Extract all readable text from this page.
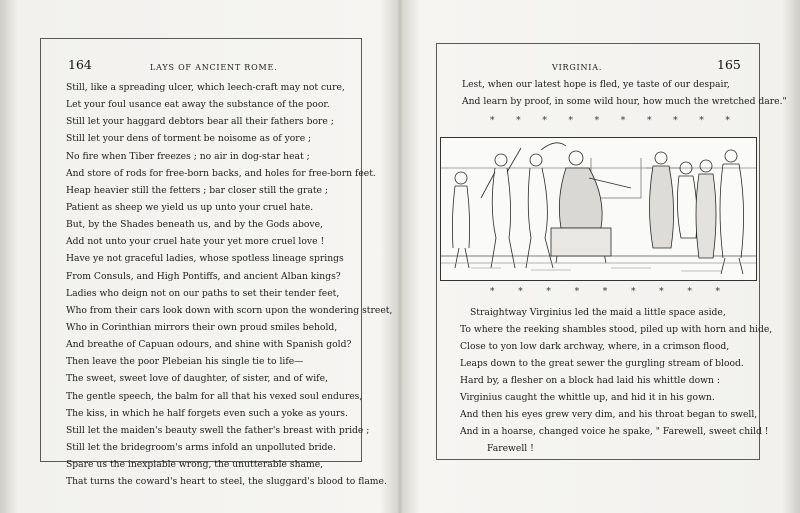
164	LAYS OF ANCIENT ROME.
Still, like a spreading ulcer, which leech-craft may not cure,
Let your foul usance eat away the substance of the poor.
Still let your haggard debtors bear all their fathers bore ;
Still let your dens of torment be noisome as of yore ;
No fire when Tiber freezes ; no air in dog-star heat ;
And store of rods for free-born backs, and holes for free-born feet.
Heap heavier still the fetters ; bar closer still the grate ;
Patient as sheep we yield us up unto your cruel hate.
But, by the Shades beneath us, and by the Gods above,
Add not unto your cruel hate your yet more cruel love !
Have ye not graceful ladies, whose spotless lineage springs
From Consuls, and High Pontiffs, and ancient Alban kings?
Ladies who deign not on our paths to set their tender feet,
Who from their cars look down with scorn upon the wondering street,
Who in Corinthian mirrors their own proud smiles behold,
And breathe of Capuan odours, and shine with Spanish gold?
Then leave the poor Plebeian his single tie to life—
The sweet, sweet love of daughter, of sister, and of wife,
The gentle speech, the balm for all that his vexed soul endures,
The kiss, in which he half forgets even such a yoke as yours.
Still let the maiden's beauty swell the father's breast with pride ;
Still let the bridegroom's arms infold an unpolluted bride.
Spare us the inexpiable wrong, the unutterable shame,
That turns the coward's heart to steel, the sluggard's blood to flame.
VIRGINIA.	165
Lest, when our latest hope is fled, ye taste of our despair,
And learn by proof, in some wild hour, how much the wretched dare."
* * * * * * * * * *
*	*	*	*	*	*	*	*	*
Straightway Virginius led the maid a little space aside,
To where the reeking shambles stood, piled up with horn and hide,
Close to yon low dark archway, where, in a crimson flood,
Leaps down to the great sewer the gurgling stream of blood.
Hard by, a flesher on a block had laid his whittle down :
Virginius caught the whittle up, and hid it in his gown.
And then his eyes grew very dim, and his throat began to swell,
And in a hoarse, changed voice he spake, " Farewell, sweet child !
Farewell !
